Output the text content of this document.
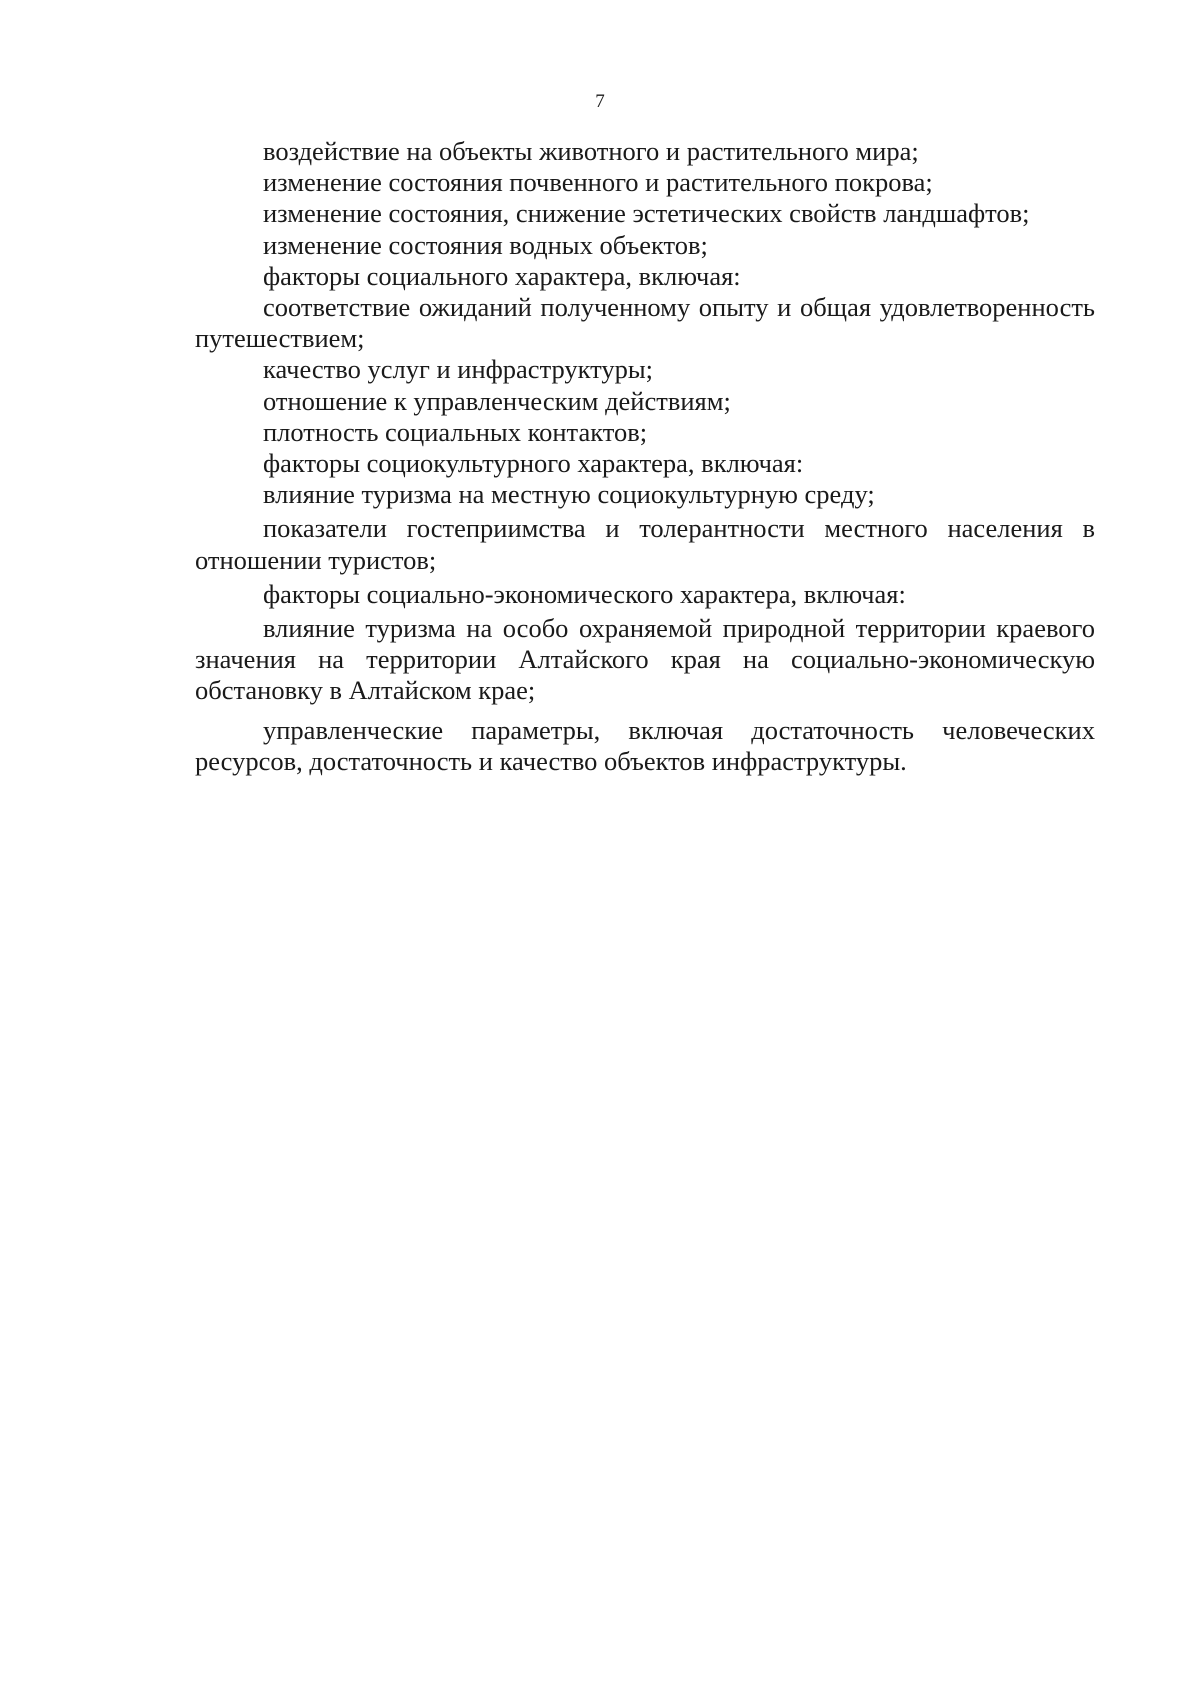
7

воздействие на объекты животного и растительного мира;

изменение состояния почвенного и растительного покрова;

изменение состояния, снижение эстетических свойств ландшафтов;

изменение состояния водных объектов;

факторы социального характера, включая:

соответствие ожиданий полученному опыту и общая удовлетворенность путешествием;

качество услуг и инфраструктуры;

отношение к управленческим действиям;

плотность социальных контактов;

факторы социокультурного характера, включая:

влияние туризма на местную социокультурную среду;

показатели гостеприимства и толерантности местного населения в отношении туристов;

факторы социально-экономического характера, включая:

влияние туризма на особо охраняемой природной территории краевого значения на территории Алтайского края на социально-экономическую обстановку в Алтайском крае;

управленческие параметры, включая достаточность человеческих ресурсов, достаточность и качество объектов инфраструктуры.
